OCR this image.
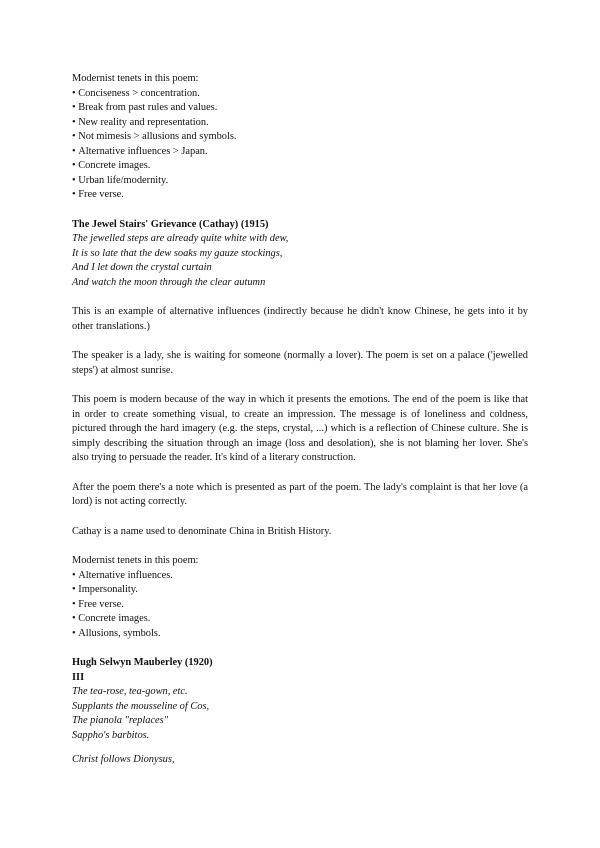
Modernist tenets in this poem:
• Conciseness > concentration.
• Break from past rules and values.
• New reality and representation.
• Not mimesis > allusions and symbols.
• Alternative influences > Japan.
• Concrete images.
• Urban life/modernity.
• Free verse.
The Jewel Stairs' Grievance (Cathay) (1915)
The jewelled steps are already quite white with dew,
It is so late that the dew soaks my gauze stockings,
And I let down the crystal curtain
And watch the moon through the clear autumn
This is an example of alternative influences (indirectly because he didn't know Chinese, he gets into it by other translations.)
The speaker is a lady, she is waiting for someone (normally a lover). The poem is set on a palace ('jewelled steps') at almost sunrise.
This poem is modern because of the way in which it presents the emotions. The end of the poem is like that in order to create something visual, to create an impression. The message is of loneliness and coldness, pictured through the hard imagery (e.g. the steps, crystal, ...) which is a reflection of Chinese culture. She is simply describing the situation through an image (loss and desolation), she is not blaming her lover. She's also trying to persuade the reader. It's kind of a literary construction.
After the poem there's a note which is presented as part of the poem. The lady's complaint is that her love (a lord) is not acting correctly.
Cathay is a name used to denominate China in British History.
Modernist tenets in this poem:
• Alternative influences.
• Impersonality.
• Free verse.
• Concrete images.
• Allusions, symbols.
Hugh Selwyn Mauberley (1920)
III
The tea-rose, tea-gown, etc.
Supplants the mousseline of Cos,
The pianola "replaces"
Sappho's barbitos.
Christ follows Dionysus,
